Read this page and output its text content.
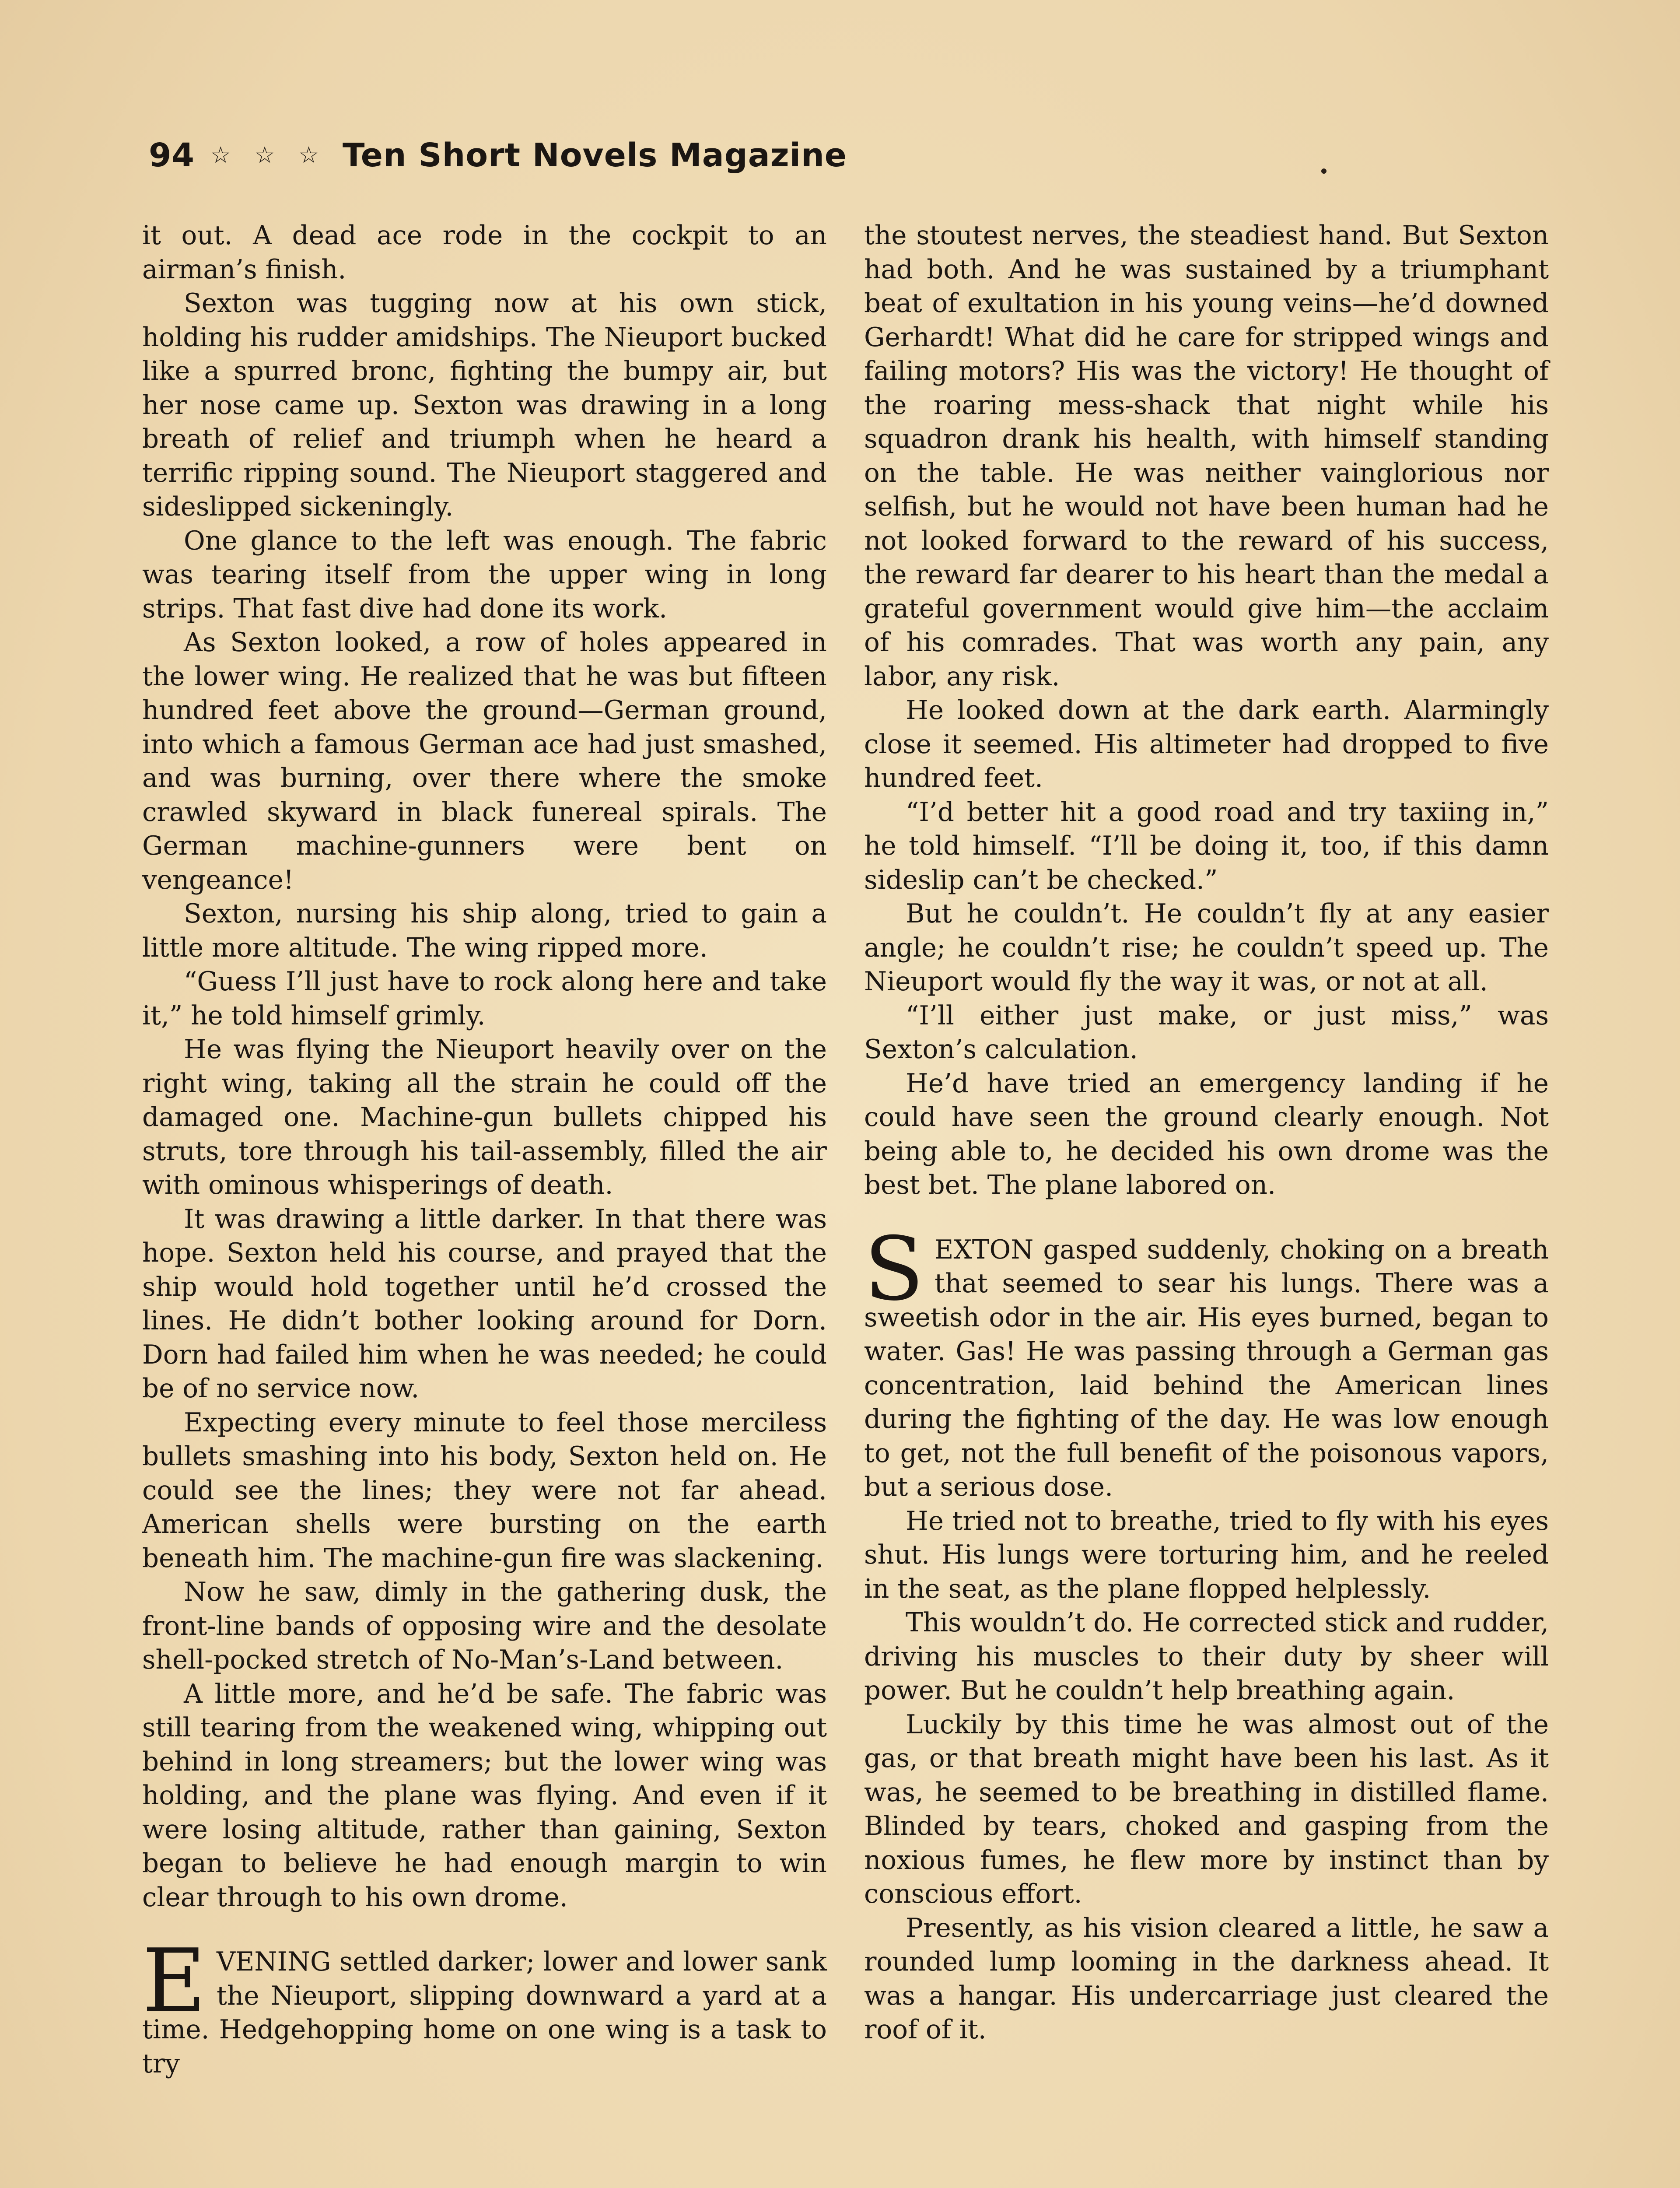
94 ☆ ☆ ☆ Ten Short Novels Magazine

it out. A dead ace rode in the cockpit to an airman’s finish.

Sexton was tugging now at his own stick, holding his rudder amidships. The Nieuport bucked like a spurred bronc, fighting the bumpy air, but her nose came up. Sexton was drawing in a long breath of relief and triumph when he heard a terrific ripping sound. The Nieuport staggered and sideslipped sickeningly.

One glance to the left was enough. The fabric was tearing itself from the upper wing in long strips. That fast dive had done its work.

As Sexton looked, a row of holes appeared in the lower wing. He realized that he was but fifteen hundred feet above the ground—German ground, into which a famous German ace had just smashed, and was burning, over there where the smoke crawled skyward in black funereal spirals. The German machine-gunners were bent on vengeance!

Sexton, nursing his ship along, tried to gain a little more altitude. The wing ripped more.

“Guess I’ll just have to rock along here and take it,” he told himself grimly.

He was flying the Nieuport heavily over on the right wing, taking all the strain he could off the damaged one. Machine-gun bullets chipped his struts, tore through his tail-assembly, filled the air with ominous whisperings of death.

It was drawing a little darker. In that there was hope. Sexton held his course, and prayed that the ship would hold together until he’d crossed the lines. He didn’t bother looking around for Dorn. Dorn had failed him when he was needed; he could be of no service now.

Expecting every minute to feel those merciless bullets smashing into his body, Sexton held on. He could see the lines; they were not far ahead. American shells were bursting on the earth beneath him. The machine-gun fire was slackening.

Now he saw, dimly in the gathering dusk, the front-line bands of opposing wire and the desolate shell-pocked stretch of No-Man’s-Land between.

A little more, and he’d be safe. The fabric was still tearing from the weakened wing, whipping out behind in long streamers; but the lower wing was holding, and the plane was flying. And even if it were losing altitude, rather than gaining, Sexton began to believe he had enough margin to win clear through to his own drome.

EVENING settled darker; lower and lower sank the Nieuport, slipping downward a yard at a time. Hedgehopping home on one wing is a task to try

the stoutest nerves, the steadiest hand. But Sexton had both. And he was sustained by a triumphant beat of exultation in his young veins—he’d downed Gerhardt! What did he care for stripped wings and failing motors? His was the victory! He thought of the roaring mess-shack that night while his squadron drank his health, with himself standing on the table. He was neither vainglorious nor selfish, but he would not have been human had he not looked forward to the reward of his success, the reward far dearer to his heart than the medal a grateful government would give him—the acclaim of his comrades. That was worth any pain, any labor, any risk.

He looked down at the dark earth. Alarmingly close it seemed. His altimeter had dropped to five hundred feet.

“I’d better hit a good road and try taxiing in,” he told himself. “I’ll be doing it, too, if this damn sideslip can’t be checked.”

But he couldn’t. He couldn’t fly at any easier angle; he couldn’t rise; he couldn’t speed up. The Nieuport would fly the way it was, or not at all.

“I’ll either just make, or just miss,” was Sexton’s calculation.

He’d have tried an emergency landing if he could have seen the ground clearly enough. Not being able to, he decided his own drome was the best bet. The plane labored on.

SEXTON gasped suddenly, choking on a breath that seemed to sear his lungs. There was a sweetish odor in the air. His eyes burned, began to water. Gas! He was passing through a German gas concentration, laid behind the American lines during the fighting of the day. He was low enough to get, not the full benefit of the poisonous vapors, but a serious dose.

He tried not to breathe, tried to fly with his eyes shut. His lungs were torturing him, and he reeled in the seat, as the plane flopped helplessly.

This wouldn’t do. He corrected stick and rudder, driving his muscles to their duty by sheer will power. But he couldn’t help breathing again.

Luckily by this time he was almost out of the gas, or that breath might have been his last. As it was, he seemed to be breathing in distilled flame. Blinded by tears, choked and gasping from the noxious fumes, he flew more by instinct than by conscious effort.

Presently, as his vision cleared a little, he saw a rounded lump looming in the darkness ahead. It was a hangar. His undercarriage just cleared the roof of it.
